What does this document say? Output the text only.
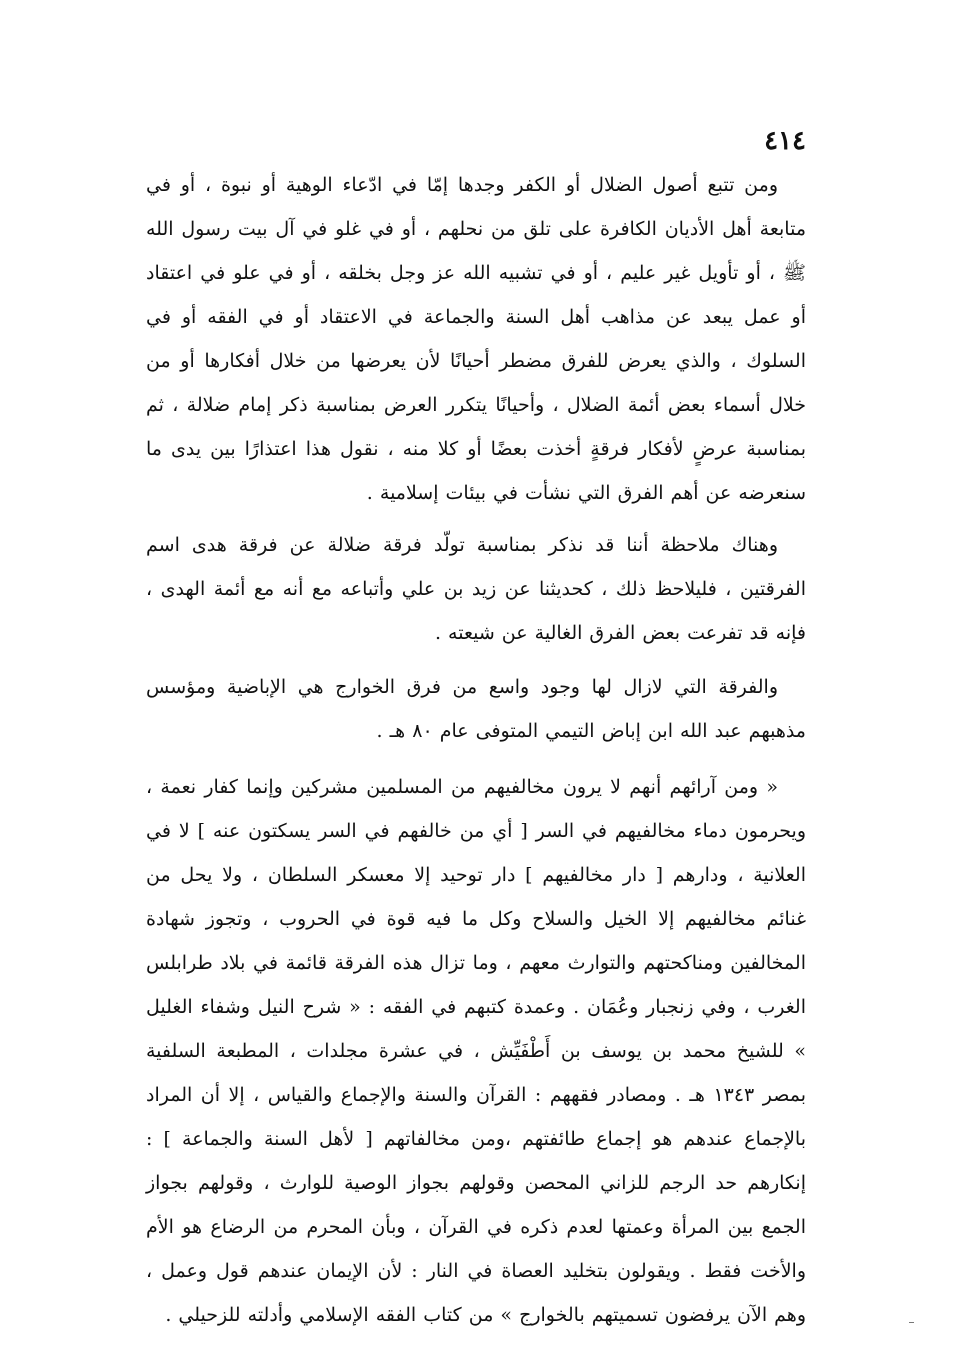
٤١٤

ومن تتبع أصول الضلال أو الكفر وجدها إمّا في ادّعاء الوهية أو نبوة ، أو في متابعة أهل الأديان الكافرة على تلق من نحلهم ، أو في غلو في آل بيت رسول الله ﷺ ، أو تأويل غير عليم ، أو في تشبيه الله عز وجل بخلقه ، أو في علو في اعتقاد أو عمل يبعد عن مذاهب أهل السنة والجماعة في الاعتقاد أو في الفقه أو في السلوك ، والذي يعرض للفرق مضطر أحيانًا لأن يعرضها من خلال أفكارها أو من خلال أسماء بعض أئمة الضلال ، وأحيانًا يتكرر العرض بمناسبة ذكر إمام ضلالة ، ثم بمناسبة عرضٍ لأفكار فرقةٍ أخذت بعضًا أو كلا منه ، نقول هذا اعتذارًا بين يدى ما سنعرضه عن أهم الفرق التي نشأت في بيئات إسلامية .

وهناك ملاحظة أننا قد نذكر بمناسبة تولّد فرقة ضلالة عن فرقة هدى اسم الفرقتين ، فليلاحظ ذلك ، كحديثنا عن زيد بن علي وأتباعه مع أنه مع أئمة الهدى ، فإنه قد تفرعت بعض الفرق الغالية عن شيعته .

والفرقة التي لازال لها وجود واسع من فرق الخوارج هي الإباضية ومؤسس مذهبهم عبد الله ابن إباض التيمي المتوفى عام ٨٠ هـ .

« ومن آرائهم أنهم لا يرون مخالفيهم من المسلمين مشركين وإنما كفار نعمة ، ويحرمون دماء مخالفيهم في السر [ أي من خالفهم في السر يسكتون عنه ] لا في العلانية ، ودارهم [ دار مخالفيهم ] دار توحيد إلا معسكر السلطان ، ولا يحل من غنائم مخالفيهم إلا الخيل والسلاح وكل ما فيه قوة في الحروب ، وتجوز شهادة المخالفين ومناكحتهم والتوارث معهم ، وما تزال هذه الفرقة قائمة في بلاد طرابلس الغرب ، وفي زنجبار وعُمَان . وعمدة كتبهم في الفقه : « شرح النيل وشفاء الغليل » للشيخ محمد بن يوسف بن أَطْفَيِّش ، في عشرة مجلدات ، المطبعة السلفية بمصر ١٣٤٣ هـ . ومصادر فقههم : القرآن والسنة والإجماع والقياس ، إلا أن المراد بالإجماع عندهم هو إجماع طائفتهم ،ومن مخالفاتهم [ لأهل السنة والجماعة ] : إنكارهم حد الرجم للزاني المحصن وقولهم بجواز الوصية للوارث ، وقولهم بجواز الجمع بين المرأة وعمتها لعدم ذكره في القرآن ، وبأن المحرم من الرضاع هو الأم والأخت فقط . ويقولون بتخليد العصاة في النار : لأن الإيمان عندهم قول وعمل ، وهم الآن يرفضون تسميتهم بالخوارج » من كتاب الفقه الإسلامي وأدلته للزحيلي .
